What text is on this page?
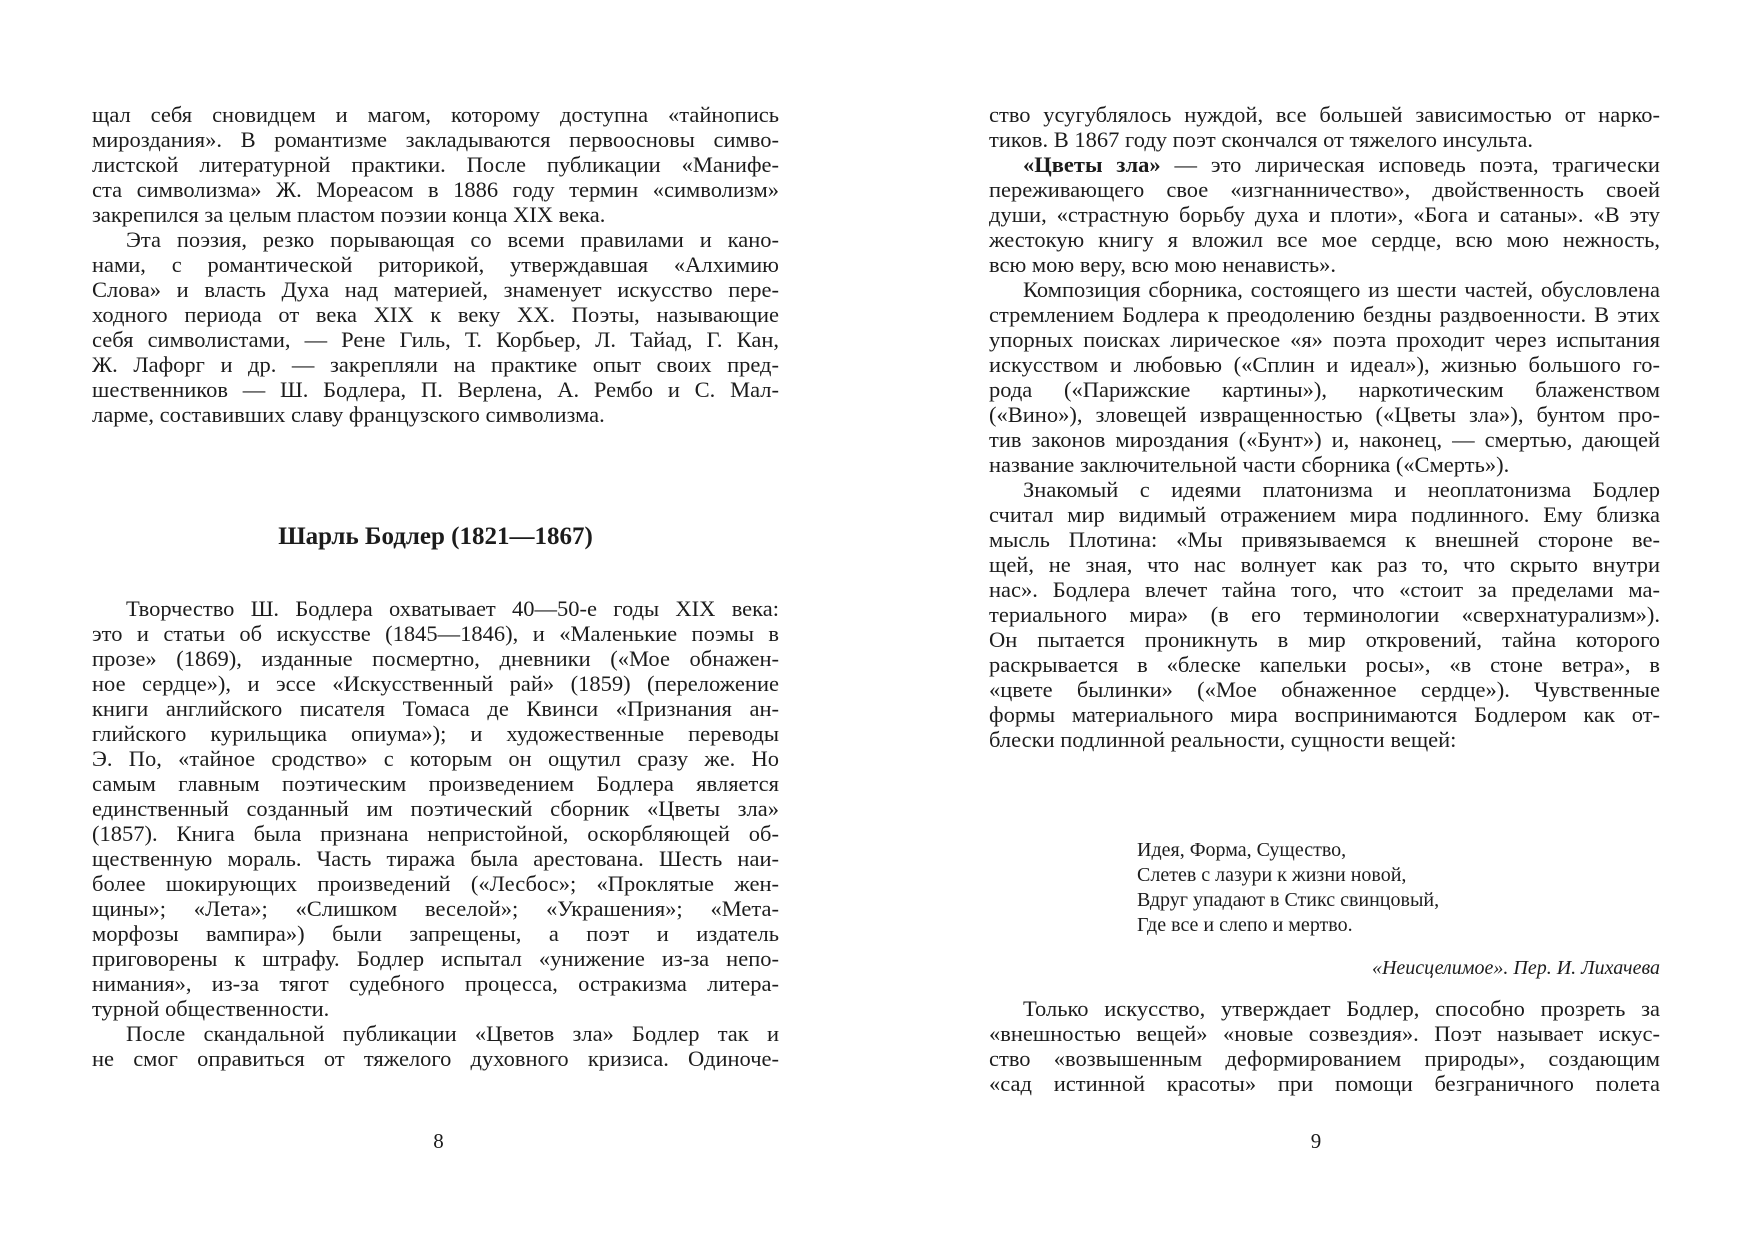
щал себя сновидцем и магом, которому доступна «тайнопись
мироздания». В романтизме закладываются первоосновы симво-
листской литературной практики. После публикации «Манифе-
ста символизма» Ж. Мореасом в 1886 году термин «символизм»
закрепился за целым пластом поэзии конца XIX века.
Эта поэзия, резко порывающая со всеми правилами и кано-
нами, с романтической риторикой, утверждавшая «Алхимию
Слова» и власть Духа над материей, знаменует искусство пере-
ходного периода от века XIX к веку XX. Поэты, называющие
себя символистами, — Рене Гиль, Т. Корбьер, Л. Тайад, Г. Кан,
Ж. Лафорг и др. — закрепляли на практике опыт своих пред-
шественников — Ш. Бодлера, П. Верлена, А. Рембо и С. Мал-
ларме, составивших славу французского символизма.
Шарль Бодлер (1821—1867)
Творчество Ш. Бодлера охватывает 40—50-е годы XIX века:
это и статьи об искусстве (1845—1846), и «Маленькие поэмы в
прозе» (1869), изданные посмертно, дневники («Мое обнажен-
ное сердце»), и эссе «Искусственный рай» (1859) (переложение
книги английского писателя Томаса де Квинси «Признания ан-
глийского курильщика опиума»); и художественные переводы
Э. По, «тайное сродство» с которым он ощутил сразу же. Но
самым главным поэтическим произведением Бодлера является
единственный созданный им поэтический сборник «Цветы зла»
(1857). Книга была признана непристойной, оскорбляющей об-
щественную мораль. Часть тиража была арестована. Шесть наи-
более шокирующих произведений («Лесбос»; «Проклятые жен-
щины»; «Лета»; «Слишком веселой»; «Украшения»; «Мета-
морфозы вампира») были запрещены, а поэт и издатель
приговорены к штрафу. Бодлер испытал «унижение из-за непо-
нимания», из-за тягот судебного процесса, остракизма литера-
турной общественности.
После скандальной публикации «Цветов зла» Бодлер так и
не смог оправиться от тяжелого духовного кризиса. Одиноче-
8
ство усугублялось нуждой, все большей зависимостью от нарко-
тиков. В 1867 году поэт скончался от тяжелого инсульта.
«Цветы зла» — это лирическая исповедь поэта, трагически
переживающего свое «изгнанничество», двойственность своей
души, «страстную борьбу духа и плоти», «Бога и сатаны». «В эту
жестокую книгу я вложил все мое сердце, всю мою нежность,
всю мою веру, всю мою ненависть».
Композиция сборника, состоящего из шести частей, обусловлена
стремлением Бодлера к преодолению бездны раздвоенности. В этих
упорных поисках лирическое «я» поэта проходит через испытания
искусством и любовью («Сплин и идеал»), жизнью большого го-
рода («Парижские картины»), наркотическим блаженством
(«Вино»), зловещей извращенностью («Цветы зла»), бунтом про-
тив законов мироздания («Бунт») и, наконец, — смертью, дающей
название заключительной части сборника («Смерть»).
Знакомый с идеями платонизма и неоплатонизма Бодлер
считал мир видимый отражением мира подлинного. Ему близка
мысль Плотина: «Мы привязываемся к внешней стороне ве-
щей, не зная, что нас волнует как раз то, что скрыто внутри
нас». Бодлера влечет тайна того, что «стоит за пределами ма-
териального мира» (в его терминологии «сверхнатурализм»).
Он пытается проникнуть в мир откровений, тайна которого
раскрывается в «блеске капельки росы», «в стоне ветра», в
«цвете былинки» («Мое обнаженное сердце»). Чувственные
формы материального мира воспринимаются Бодлером как от-
блески подлинной реальности, сущности вещей:
9
Идея, Форма, Существо,
Слетев с лазури к жизни новой,
Вдруг упадают в Стикс свинцовый,
Где все и слепо и мертво.
«Неисцелимое». Пер. И. Лихачева
Только искусство, утверждает Бодлер, способно прозреть за
«внешностью вещей» «новые созвездия». Поэт называет искус-
ство «возвышенным деформированием природы», создающим
«сад истинной красоты» при помощи безграничного полета
